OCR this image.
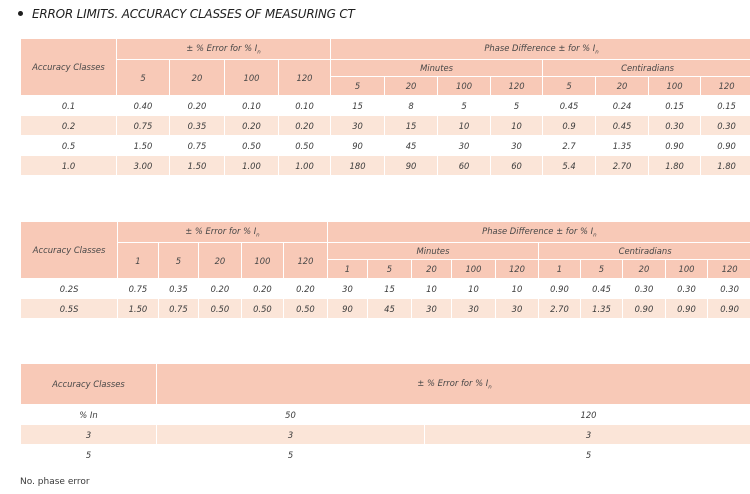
ERROR LIMITS. ACCURACY CLASSES OF MEASURING CT
Accuracy Classes	± % Error for % $I_n$				Phase Difference ± for % $I_n$
	5	20	100	120	Minutes				Centiradians			
					5	20	100	120	5	20	100	120
0.1	0.40	0.20	0.10	0.10	15	8	5	5	0.45	0.24	0.15	0.15
0.2	0.75	0.35	0.20	0.20	30	15	10	10	0.9	0.45	0.30	0.30
0.5	1.50	0.75	0.50	0.50	90	45	30	30	2.7	1.35	0.90	0.90
1.0	3.00	1.50	1.00	1.00	180	90	60	60	5.4	2.70	1.80	1.80
Accuracy Classes	± % Error for % $I_n$					Phase Difference ± for % $I_n$
	1	5	20	100	120	Minutes					Centiradians				
						1	5	20	100	120	1	5	20	100	120
0.2S	0.75	0.35	0.20	0.20	0.20	30	15	10	10	10	0.90	0.45	0.30	0.30	0.30
0.5S	1.50	0.75	0.50	0.50	0.50	90	45	30	30	30	2.70	1.35	0.90	0.90	0.90
Accuracy Classes	± % Error for % $I_n$
% In	50	120
3	3	3
5	5	5
No. phase error
